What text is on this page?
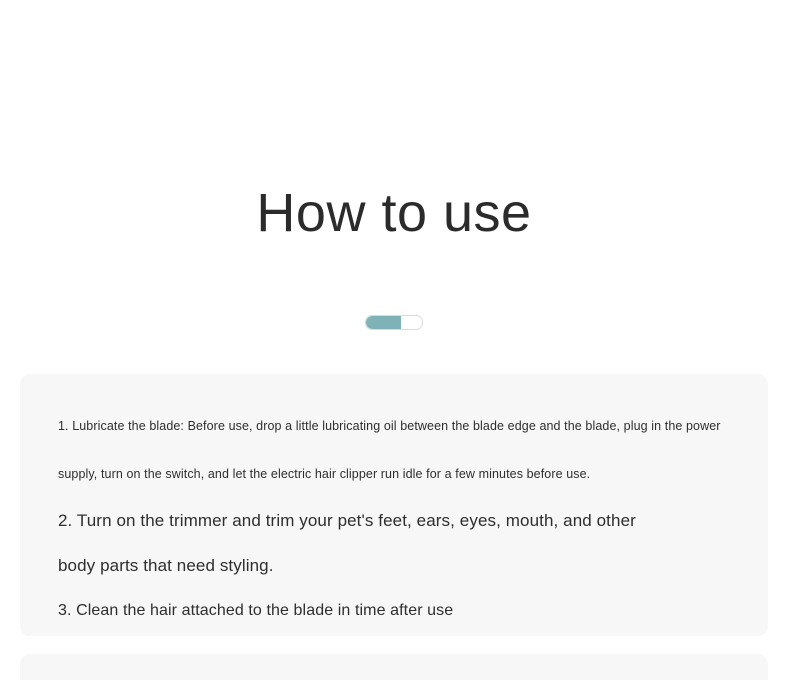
How to use
1. Lubricate the blade: Before use, drop a little lubricating oil between the blade edge and the blade, plug in the power
supply, turn on the switch, and let the electric hair clipper run idle for a few minutes before use.
2. Turn on the trimmer and trim your pet's feet, ears, eyes, mouth, and other
body parts that need styling.
3. Clean the hair attached to the blade in time after use
